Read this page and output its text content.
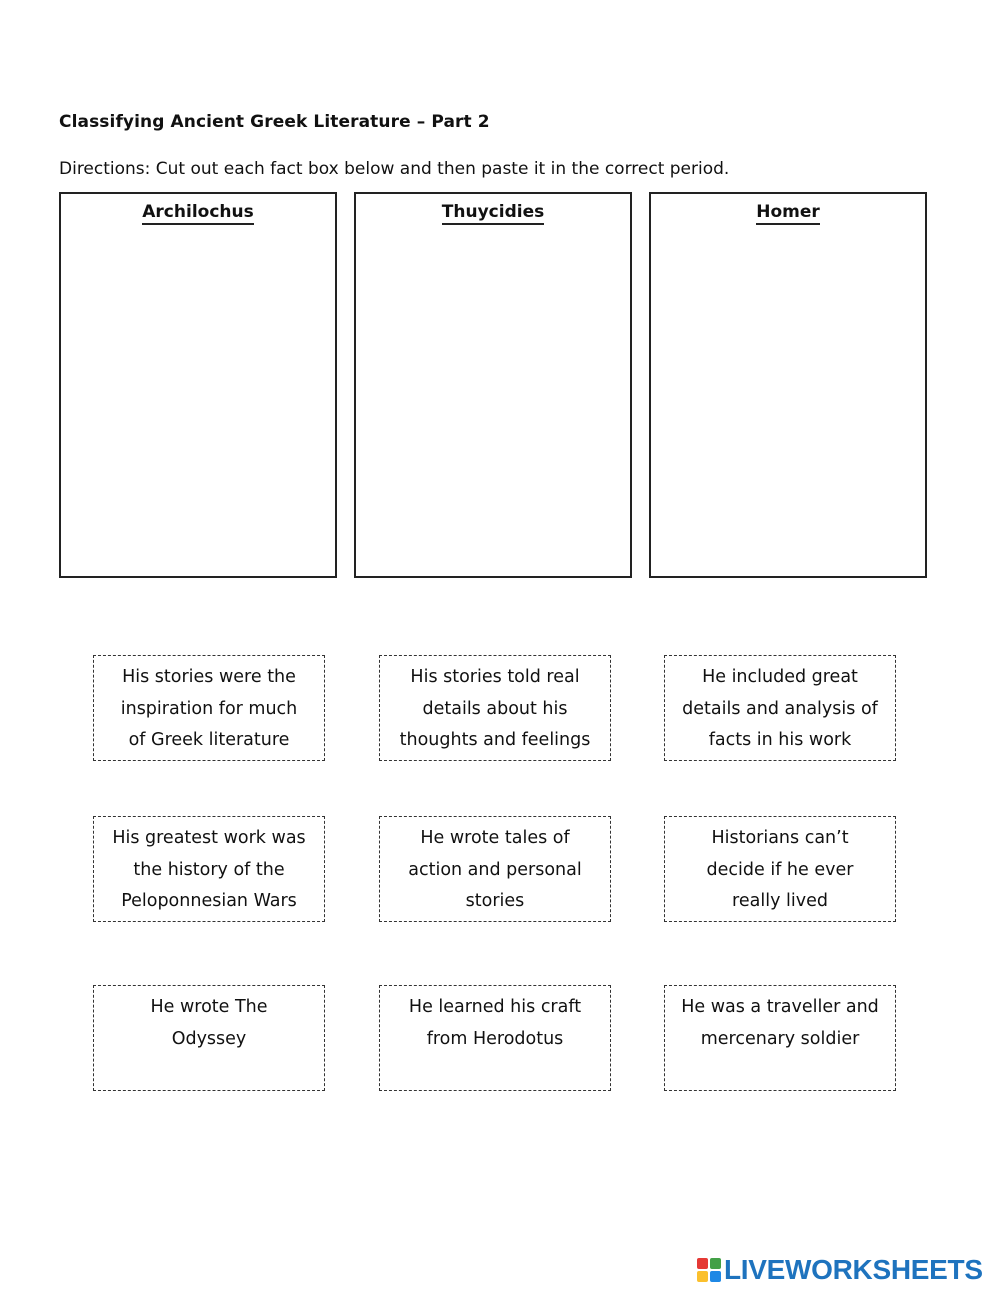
Classifying Ancient Greek Literature – Part 2
Directions: Cut out each fact box below and then paste it in the correct period.
Archilochus	Thuycidies	Homer
His stories were the
inspiration for much
of Greek literature
His stories told real
details about his
thoughts and feelings
He included great
details and analysis of
facts in his work
His greatest work was
the history of the
Peloponnesian Wars
He wrote tales of
action and personal
stories
Historians can’t
decide if he ever
really lived
He wrote The
Odyssey
He learned his craft
from Herodotus
He was a traveller and
mercenary soldier
LIVEWORKSHEETS
